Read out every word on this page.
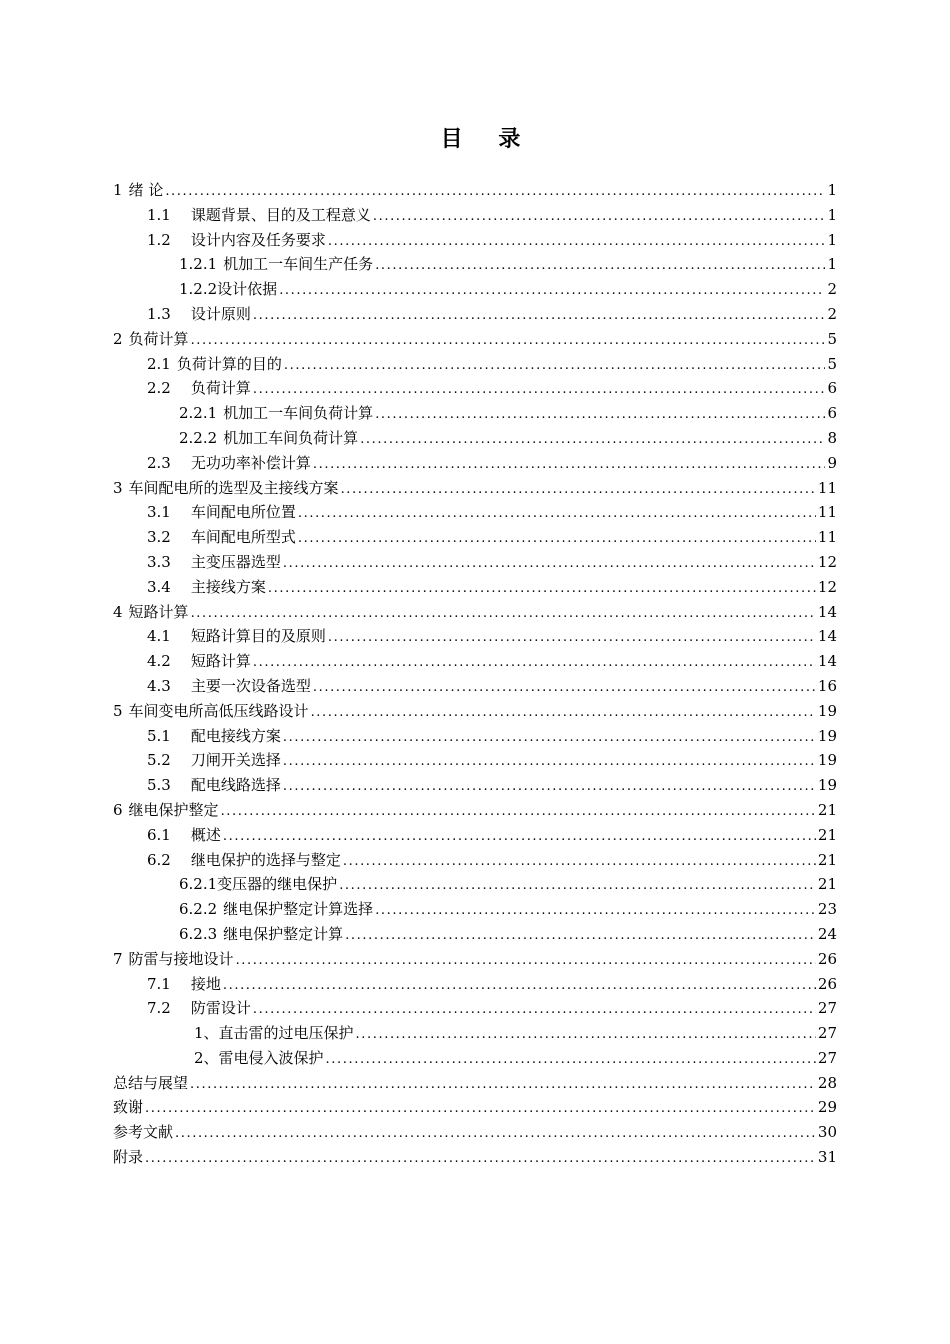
目 录
1 绪 论 .....	1
1.1	课题背景、目的及工程意义 .....	1
1.2	设计内容及任务要求 .....	1
1.2.1 机加工一车间生产任务 .....	1
1.2.2 设计依据 .....	2
1.3	设计原则 .....	2
2 负荷计算 .....	5
2.1 负荷计算的目的 .....	5
2.2	负荷计算 .....	6
2.2.1 机加工一车间负荷计算 .....	6
2.2.2 机加工车间负荷计算 .....	8
2.3	无功功率补偿计算 .....	9
3 车间配电所的选型及主接线方案 .....	11
3.1	车间配电所位置 .....	11
3.2	车间配电所型式 .....	11
3.3	主变压器选型 .....	12
3.4	主接线方案 .....	12
4 短路计算 .....	14
4.1	短路计算目的及原则 .....	14
4.2	短路计算 .....	14
4.3	主要一次设备选型 .....	16
5 车间变电所高低压线路设计 .....	19
5.1	配电接线方案 .....	19
5.2	刀闸开关选择 .....	19
5.3	配电线路选择 .....	19
6 继电保护整定 .....	21
6.1	概述 .....	21
6.2	继电保护的选择与整定 .....	21
6.2.1 变压器的继电保护 .....	21
6.2.2 继电保护整定计算选择 .....	23
6.2.3 继电保护整定计算 .....	24
7 防雷与接地设计 .....	26
7.1	接地 .....	26
7.2	防雷设计 .....	27
1、直击雷的过电压保护 .....	27
2、雷电侵入波保护 .....	27
总结与展望 .....	28
致谢 .....	29
参考文献 .....	30
附录 .....	31
